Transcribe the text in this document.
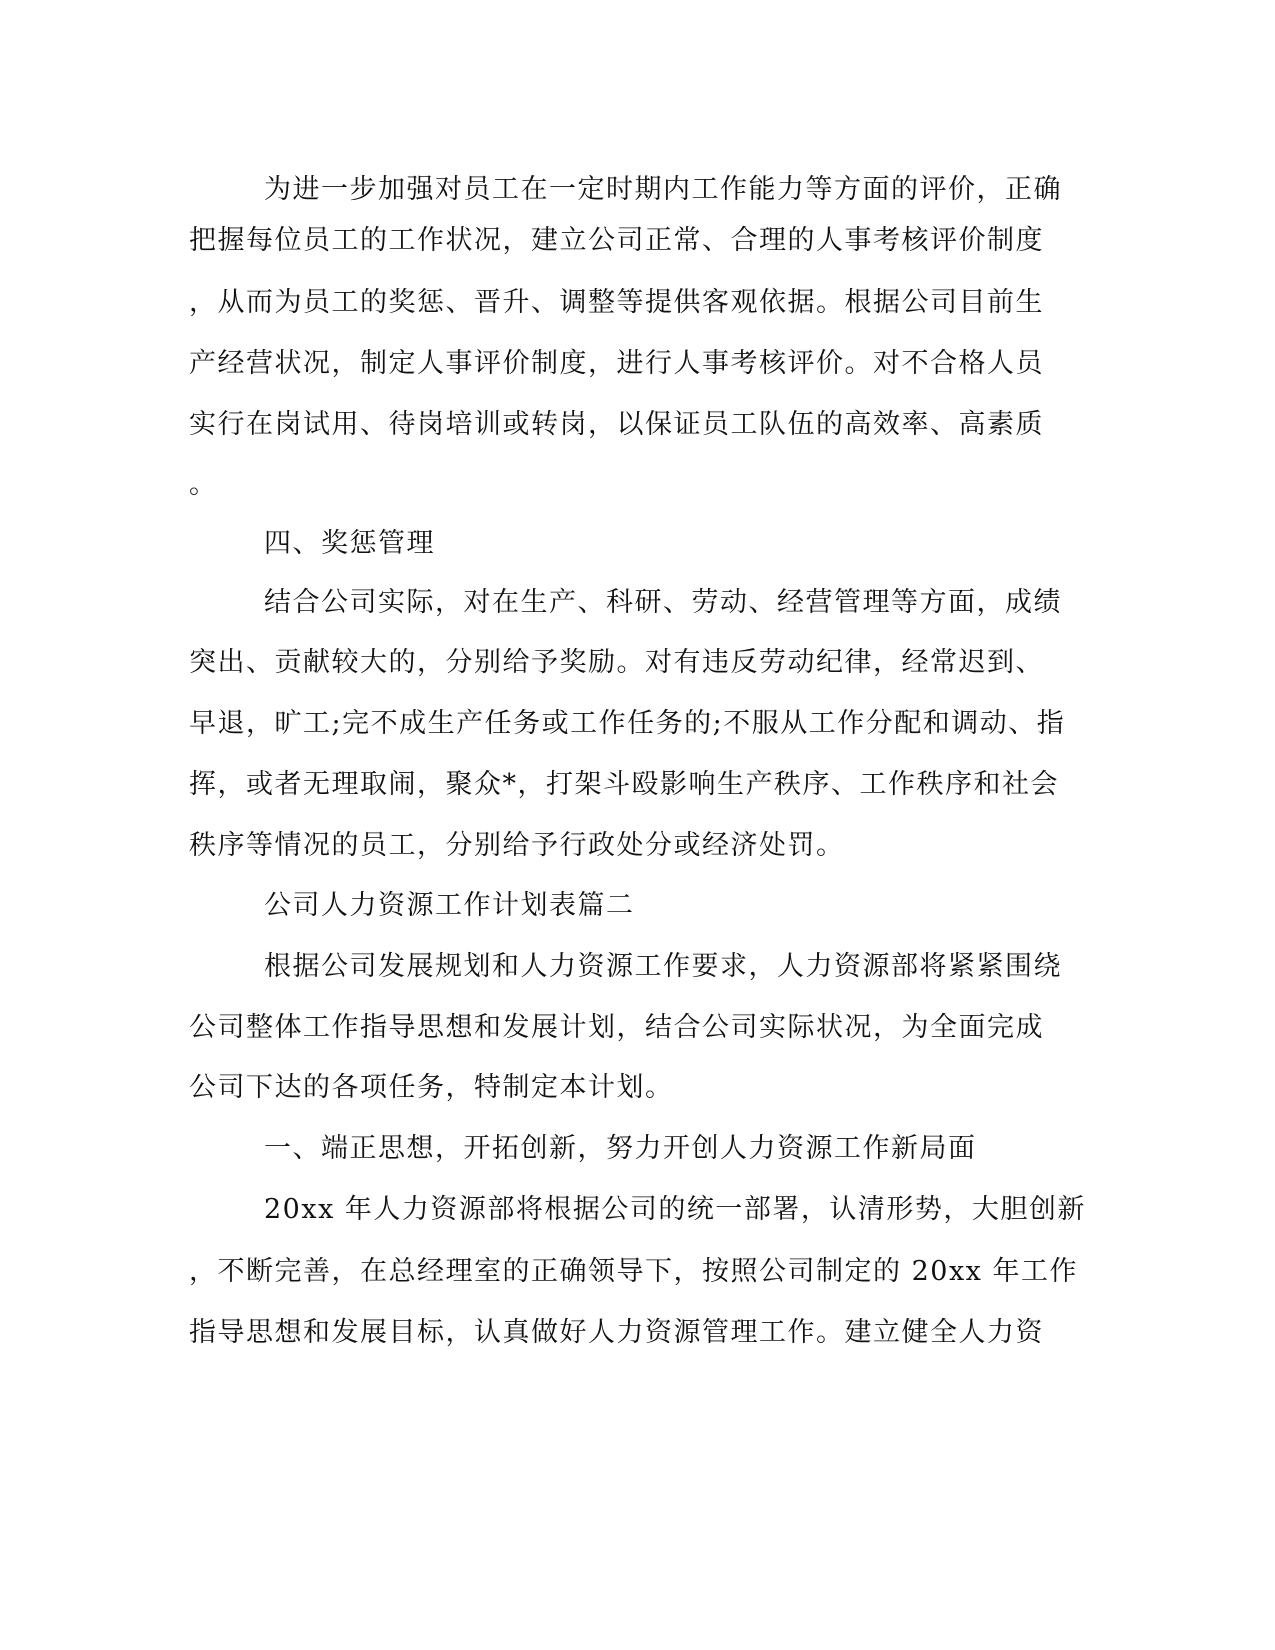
为进一步加强对员工在一定时期内工作能力等方面的评价，正确
把握每位员工的工作状况，建立公司正常、合理的人事考核评价制度
，从而为员工的奖惩、晋升、调整等提供客观依据。根据公司目前生
产经营状况，制定人事评价制度，进行人事考核评价。对不合格人员
实行在岗试用、待岗培训或转岗，以保证员工队伍的高效率、高素质
。
四、奖惩管理
结合公司实际，对在生产、科研、劳动、经营管理等方面，成绩
突出、贡献较大的，分别给予奖励。对有违反劳动纪律，经常迟到、
早退，旷工;完不成生产任务或工作任务的;不服从工作分配和调动、指
挥，或者无理取闹，聚众*，打架斗殴影响生产秩序、工作秩序和社会
秩序等情况的员工，分别给予行政处分或经济处罚。
公司人力资源工作计划表篇二
根据公司发展规划和人力资源工作要求，人力资源部将紧紧围绕
公司整体工作指导思想和发展计划，结合公司实际状况，为全面完成
公司下达的各项任务，特制定本计划。
一、端正思想，开拓创新，努力开创人力资源工作新局面
20xx 年人力资源部将根据公司的统一部署，认清形势，大胆创新
，不断完善，在总经理室的正确领导下，按照公司制定的 20xx 年工作
指导思想和发展目标，认真做好人力资源管理工作。建立健全人力资
